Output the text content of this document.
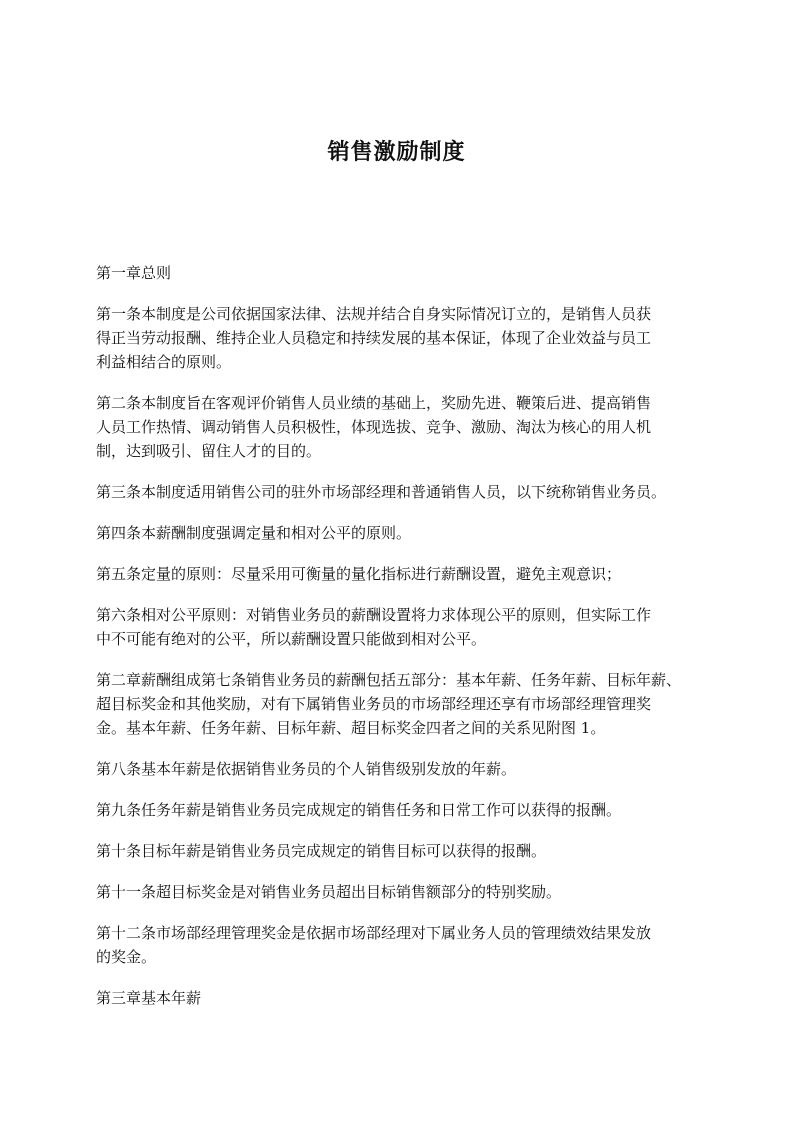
销售激励制度

第一章总则

第一条本制度是公司依据国家法律、法规并结合自身实际情况订立的，是销售人员获
得正当劳动报酬、维持企业人员稳定和持续发展的基本保证，体现了企业效益与员工
利益相结合的原则。

第二条本制度旨在客观评价销售人员业绩的基础上，奖励先进、鞭策后进、提高销售
人员工作热情、调动销售人员积极性，体现选拔、竞争、激励、淘汰为核心的用人机
制，达到吸引、留住人才的目的。

第三条本制度适用销售公司的驻外市场部经理和普通销售人员，以下统称销售业务员。

第四条本薪酬制度强调定量和相对公平的原则。

第五条定量的原则：尽量采用可衡量的量化指标进行薪酬设置，避免主观意识；

第六条相对公平原则：对销售业务员的薪酬设置将力求体现公平的原则，但实际工作
中不可能有绝对的公平，所以薪酬设置只能做到相对公平。

第二章薪酬组成第七条销售业务员的薪酬包括五部分：基本年薪、任务年薪、目标年薪、
超目标奖金和其他奖励，对有下属销售业务员的市场部经理还享有市场部经理管理奖
金。基本年薪、任务年薪、目标年薪、超目标奖金四者之间的关系见附图 1。

第八条基本年薪是依据销售业务员的个人销售级别发放的年薪。

第九条任务年薪是销售业务员完成规定的销售任务和日常工作可以获得的报酬。

第十条目标年薪是销售业务员完成规定的销售目标可以获得的报酬。

第十一条超目标奖金是对销售业务员超出目标销售额部分的特别奖励。

第十二条市场部经理管理奖金是依据市场部经理对下属业务人员的管理绩效结果发放
的奖金。

第三章基本年薪
